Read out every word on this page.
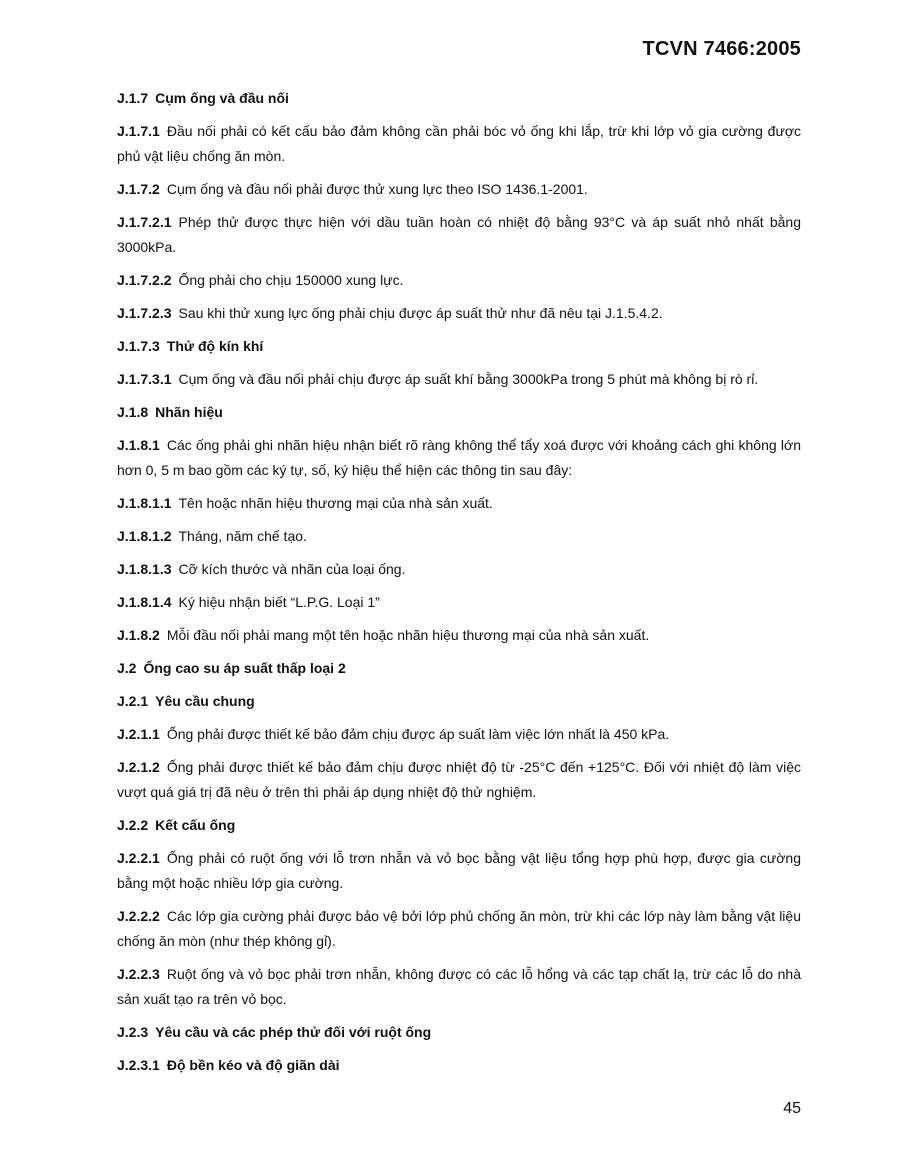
TCVN 7466:2005

J.1.7  Cụm ống và đầu nối

J.1.7.1  Đầu nối phải có kết cấu bảo đảm không cần phải bóc vỏ ống khi lắp, trừ khi lớp vỏ gia cường được phủ vật liệu chống ăn mòn.

J.1.7.2  Cụm ống và đầu nối phải được thử xung lực theo ISO 1436.1-2001.

J.1.7.2.1  Phép thử được thực hiện với dầu tuần hoàn có nhiệt độ bằng 93°C và áp suất nhỏ nhất bằng 3000kPa.

J.1.7.2.2  Ống phải cho chịu 150000 xung lực.

J.1.7.2.3  Sau khi thử xung lực ống phải chịu được áp suất thử như đã nêu tại J.1.5.4.2.

J.1.7.3  Thử độ kín khí

J.1.7.3.1  Cụm ống và đầu nối phải chịu được áp suất khí bằng 3000kPa trong 5 phút mà không bị rò rỉ.

J.1.8  Nhãn hiệu

J.1.8.1  Các ống phải ghi nhãn hiệu nhận biết rõ ràng không thể tẩy xoá được với khoảng cách ghi không lớn hơn 0, 5 m bao gồm các ký tự, số, ký hiệu thể hiện các thông tin sau đây:

J.1.8.1.1  Tên hoặc nhãn hiệu thương mại của nhà sản xuất.

J.1.8.1.2  Tháng, năm chế tạo.

J.1.8.1.3  Cỡ kích thước và nhãn của loại ống.

J.1.8.1.4  Ký hiệu nhận biết “L.P.G. Loại 1”

J.1.8.2  Mỗi đầu nối phải mang một tên hoặc nhãn hiệu thương mại của nhà sản xuất.

J.2  Ống cao su áp suất thấp loại 2

J.2.1  Yêu cầu chung

J.2.1.1  Ống phải được thiết kế bảo đảm chịu được áp suất làm việc lớn nhất là 450 kPa.

J.2.1.2  Ống phải được thiết kế bảo đảm chịu được nhiệt độ từ -25°C đến +125°C. Đối với nhiệt độ làm việc vượt quá giá trị đã nêu ở trên thì phải áp dụng nhiệt độ thử nghiệm.

J.2.2  Kết cấu ống

J.2.2.1  Ống phải có ruột ống với lỗ trơn nhẵn và vỏ bọc bằng vật liệu tổng hợp phù hợp, được gia cường bằng một hoặc nhiều lớp gia cường.

J.2.2.2  Các lớp gia cường phải được bảo vệ bởi lớp phủ chống ăn mòn, trừ khi các lớp này làm bằng vật liệu chống ăn mòn (như thép không gỉ).

J.2.2.3  Ruột ống và vỏ bọc phải trơn nhẵn, không được có các lỗ hổng và các tạp chất lạ, trừ các lỗ do nhà sản xuất tạo ra trên vỏ bọc.

J.2.3  Yêu cầu và các phép thử đối với ruột ống

J.2.3.1  Độ bền kéo và độ giãn dài

45
